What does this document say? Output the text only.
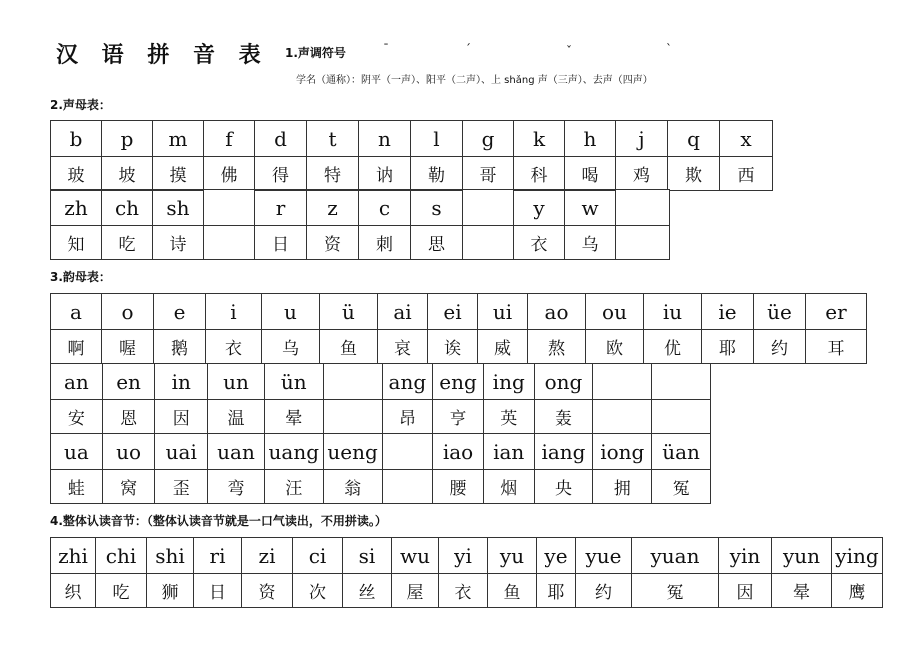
汉 语 拼 音 表 1.声调符号	ˉ	ˊ	ˇ	ˋ
学名（通称）：阴平（一声）、阳平（二声）、上 shǎng 声（三声）、去声（四声）
2.声母表：
b	p	m	f	d	t	n	l	g	k	h	j	q	x
玻	坡	摸	佛	得	特	讷	勒	哥	科	喝	鸡	欺	西
zh	ch	sh		r	z	c	s		y	w	
知	吃	诗		日	资	刺	思		衣	乌	
3.韵母表：
a	o	e	i	u	ü	ai	ei	ui	ao	ou	iu	ie	üe	er
啊	喔	鹅	衣	乌	鱼	哀	诶	威	熬	欧	优	耶	约	耳
an	en	in	un	ün		ang	eng	ing	ong		
安	恩	因	温	晕		昂	亨	英	轰		
ua	uo	uai	uan	uang	ueng		iao	ian	iang	iong	üan
蛙	窝	歪	弯	汪	翁		腰	烟	央	拥	冤
4.整体认读音节：（整体认读音节就是一口气读出，不用拼读。）
zhi	chi	shi	ri	zi	ci	si	wu	yi	yu	ye	yue	yuan	yin	yun	ying
织	吃	狮	日	资	次	丝	屋	衣	鱼	耶	约	冤	因	晕	鹰
